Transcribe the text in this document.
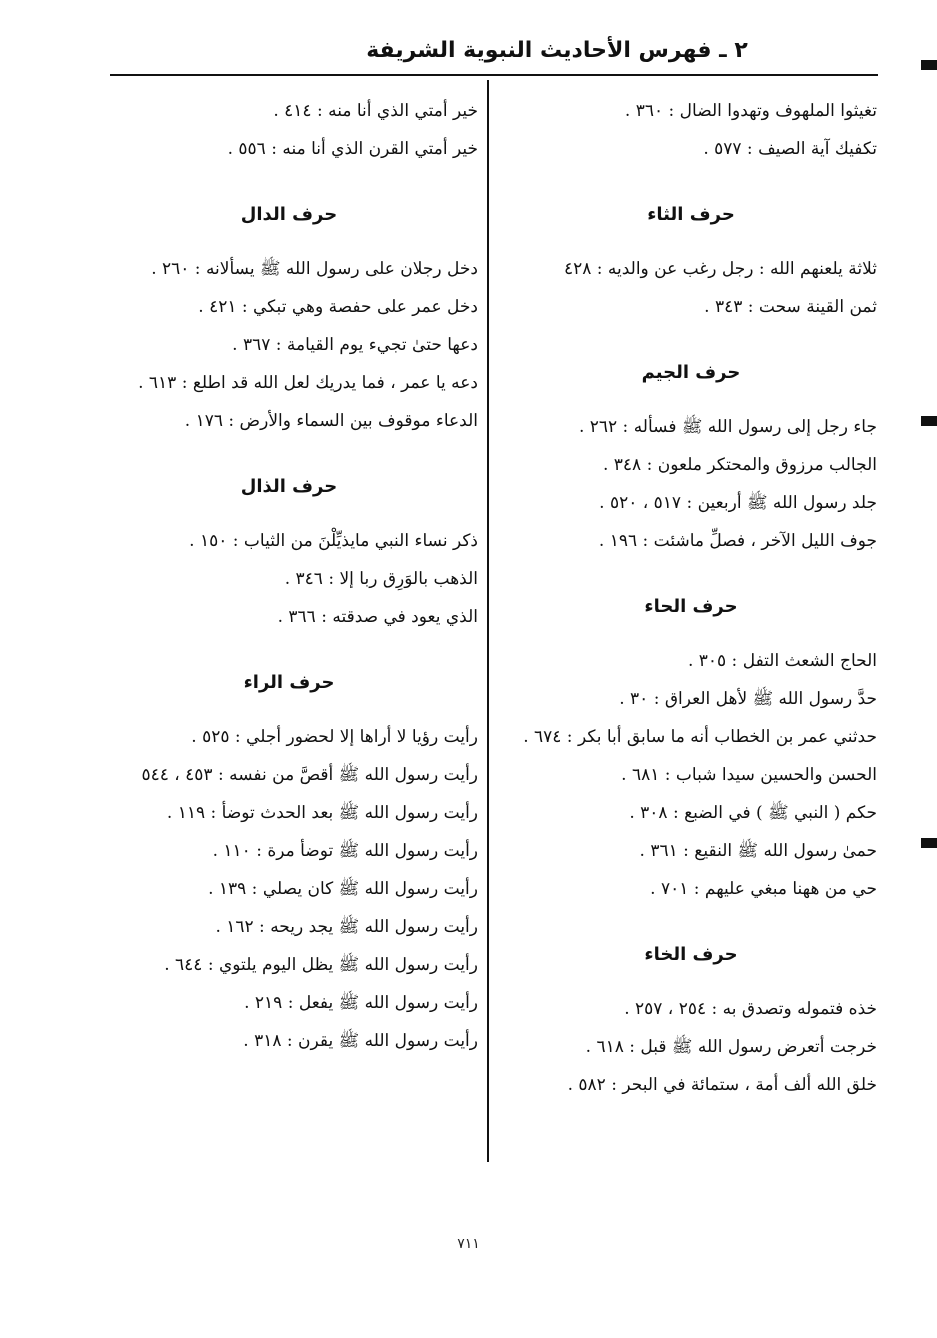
٢ ـ فهرس الأحاديث النبوية الشريفة

تغيثوا الملهوف وتهدوا الضال : ٣٦٠ .

تكفيك آية الصيف : ٥٧٧ .

حرف الثاء

ثلاثة يلعنهم الله : رجل رغب عن والديه : ٤٢٨

ثمن القينة سحت : ٣٤٣ .

حرف الجيم

جاء رجل إلى رسول الله ﷺ فسأله : ٢٦٢ .

الجالب مرزوق والمحتكر ملعون : ٣٤٨ .

جلد رسول الله ﷺ أربعين : ٥١٧ ، ٥٢٠ .

جوف الليل الآخر ، فصلِّ ماشئت : ١٩٦ .

حرف الحاء

الحاج الشعث التفل : ٣٠٥ .

حدَّ رسول الله ﷺ لأهل العراق : ٣٠ .

حدثني عمر بن الخطاب أنه ما سابق أبا بكر : ٦٧٤ .

الحسن والحسين سيدا شباب : ٦٨١ .

حكم ( النبي ﷺ ) في الضبع : ٣٠٨ .

حمىٰ رسول الله ﷺ النقيع : ٣٦١ .

حي من ههنا مبغي عليهم : ٧٠١ .

حرف الخاء

خذه فتموله وتصدق به : ٢٥٤ ، ٢٥٧ .

خرجت أتعرض رسول الله ﷺ قبل : ٦١٨ .

خلق الله ألف أمة ، ستمائة في البحر : ٥٨٢ .

خير أمتي الذي أنا منه : ٤١٤ .

خير أمتي القرن الذي أنا منه : ٥٥٦ .

حرف الدال

دخل رجلان على رسول الله ﷺ يسألانه : ٢٦٠ .

دخل عمر على حفصة وهي تبكي : ٤٢١ .

دعها حتىٰ تجيء يوم القيامة : ٣٦٧ .

دعه يا عمر ، فما يدريك لعل الله قد اطلع : ٦١٣ .

الدعاء موقوف بين السماء والأرض : ١٧٦ .

حرف الذال

ذكر نساء النبي مايذيِّلْنَ من الثياب : ١٥٠ .

الذهب بالوَرِق ربا إلا : ٣٤٦ .

الذي يعود في صدقته : ٣٦٦ .

حرف الراء

رأيت رؤيا لا أراها إلا لحضور أجلي : ٥٢٥ .

رأيت رسول الله ﷺ أقصَّ من نفسه : ٤٥٣ ، ٥٤٤

رأيت رسول الله ﷺ بعد الحدث توضأ : ١١٩ .

رأيت رسول الله ﷺ توضأ مرة : ١١٠ .

رأيت رسول الله ﷺ كان يصلي : ١٣٩ .

رأيت رسول الله ﷺ يجد ريحه : ١٦٢ .

رأيت رسول الله ﷺ يظل اليوم يلتوي : ٦٤٤ .

رأيت رسول الله ﷺ يفعل : ٢١٩ .

رأيت رسول الله ﷺ يقرن : ٣١٨ .

٧١١
